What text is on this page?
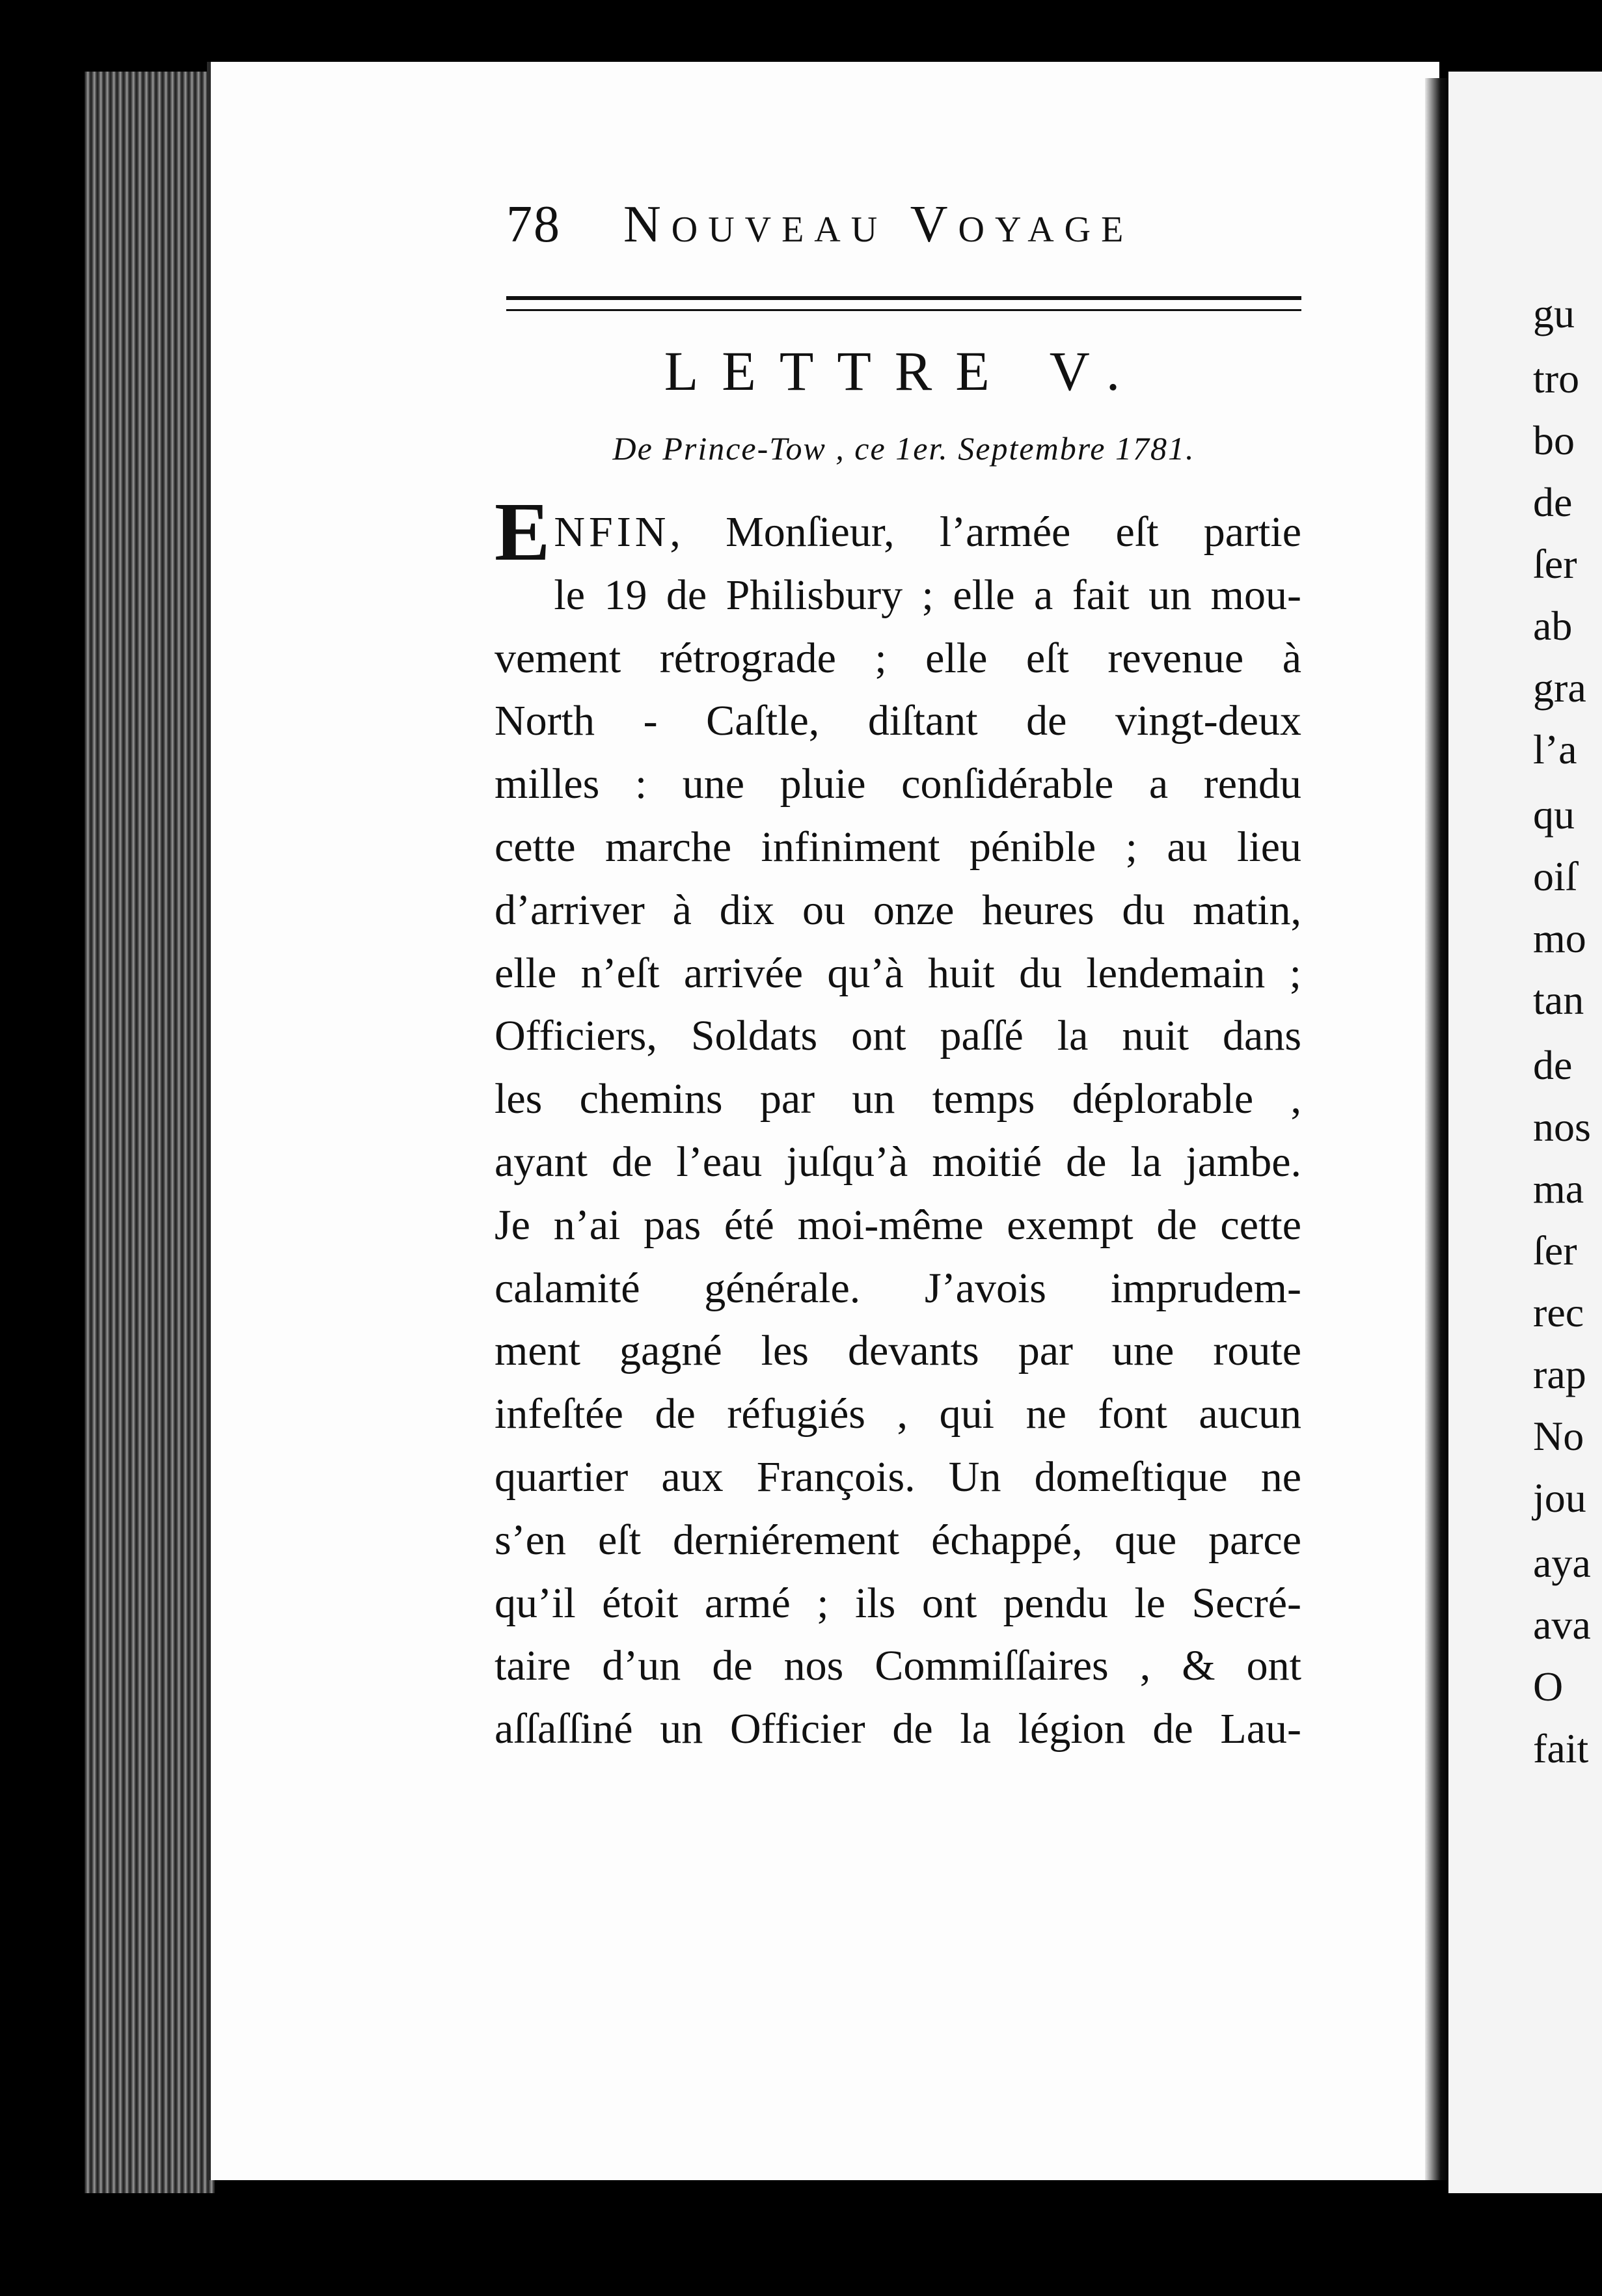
78 Nouveau Voyage
LETTRE V.
De Prince-Tow , ce 1er. Septembre 1781.
ENFIN, Monſieur, l’armée eſt partie
le 19 de Philisbury ; elle a fait un mou-
vement rétrograde ; elle eſt revenue à
North - Caſtle, diſtant de vingt-deux
milles : une pluie conſidérable a rendu
cette marche infiniment pénible ; au lieu
d’arriver à dix ou onze heures du matin,
elle n’eſt arrivée qu’à huit du lendemain ;
Officiers, Soldats ont paſſé la nuit dans
les chemins par un temps déplorable ,
ayant de l’eau juſqu’à moitié de la jambe.
Je n’ai pas été moi-même exempt de cette
calamité générale. J’avois imprudem-
ment gagné les devants par une route
infeſtée de réfugiés , qui ne font aucun
quartier aux François. Un domeſtique ne
s’en eſt derniérement échappé, que parce
qu’il étoit armé ; ils ont pendu le Secré-
taire d’un de nos Commiſſaires , & ont
aſſaſſiné un Officier de la légion de Lau-
gu
tro
bo
de
ſer
ab
gra
l’a
qu
oiſ
mo
tan
de
nos
ma
ſer
rec
rap
No
jou
aya
ava
O
fait
